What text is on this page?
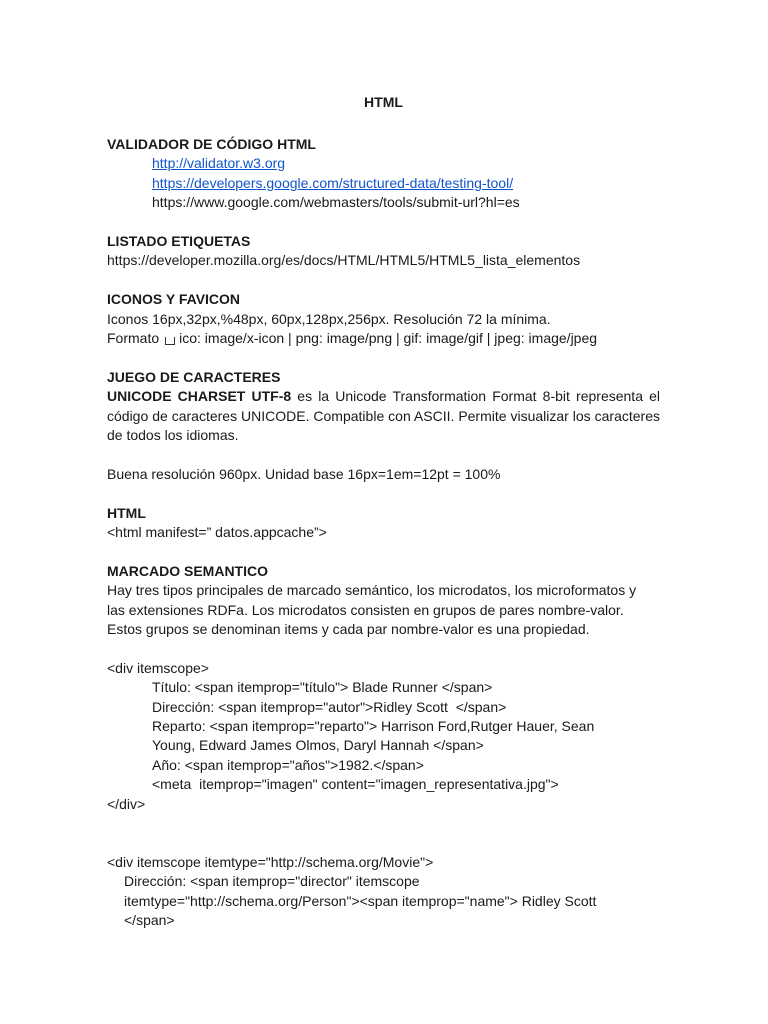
HTML
VALIDADOR DE CÓDIGO HTML
http://validator.w3.org
https://developers.google.com/structured-data/testing-tool/
https://www.google.com/webmasters/tools/submit-url?hl=es
LISTADO ETIQUETAS
https://developer.mozilla.org/es/docs/HTML/HTML5/HTML5_lista_elementos
ICONOS Y FAVICON
Iconos 16px,32px,%48px, 60px,128px,256px. Resolución 72 la mínima.
Formato ico: image/x-icon | png: image/png | gif: image/gif | jpeg: image/jpeg
JUEGO DE CARACTERES
UNICODE CHARSET UTF-8 es la Unicode Transformation Format 8-bit representa el código de caracteres UNICODE. Compatible con ASCII. Permite visualizar los caracteres de todos los idiomas.
Buena resolución 960px. Unidad base 16px=1em=12pt = 100%
HTML
<html manifest=” datos.appcache”>
MARCADO SEMANTICO
Hay tres tipos principales de marcado semántico, los microdatos, los microformatos y las extensiones RDFa. Los microdatos consisten en grupos de pares nombre-valor. Estos grupos se denominan items y cada par nombre-valor es una propiedad.
<div itemscope>
Título: <span itemprop="título"> Blade Runner </span>
Dirección: <span itemprop="autor">Ridley Scott  </span>
Reparto: <span itemprop="reparto"> Harrison Ford,Rutger Hauer, Sean Young, Edward James Olmos, Daryl Hannah </span>
Año: <span itemprop="años">1982.</span>
<meta  itemprop="imagen" content="imagen_representativa.jpg">
</div>
<div itemscope itemtype="http://schema.org/Movie">
Dirección: <span itemprop="director" itemscope
itemtype="http://schema.org/Person"><span itemprop="name"> Ridley Scott
</span>
